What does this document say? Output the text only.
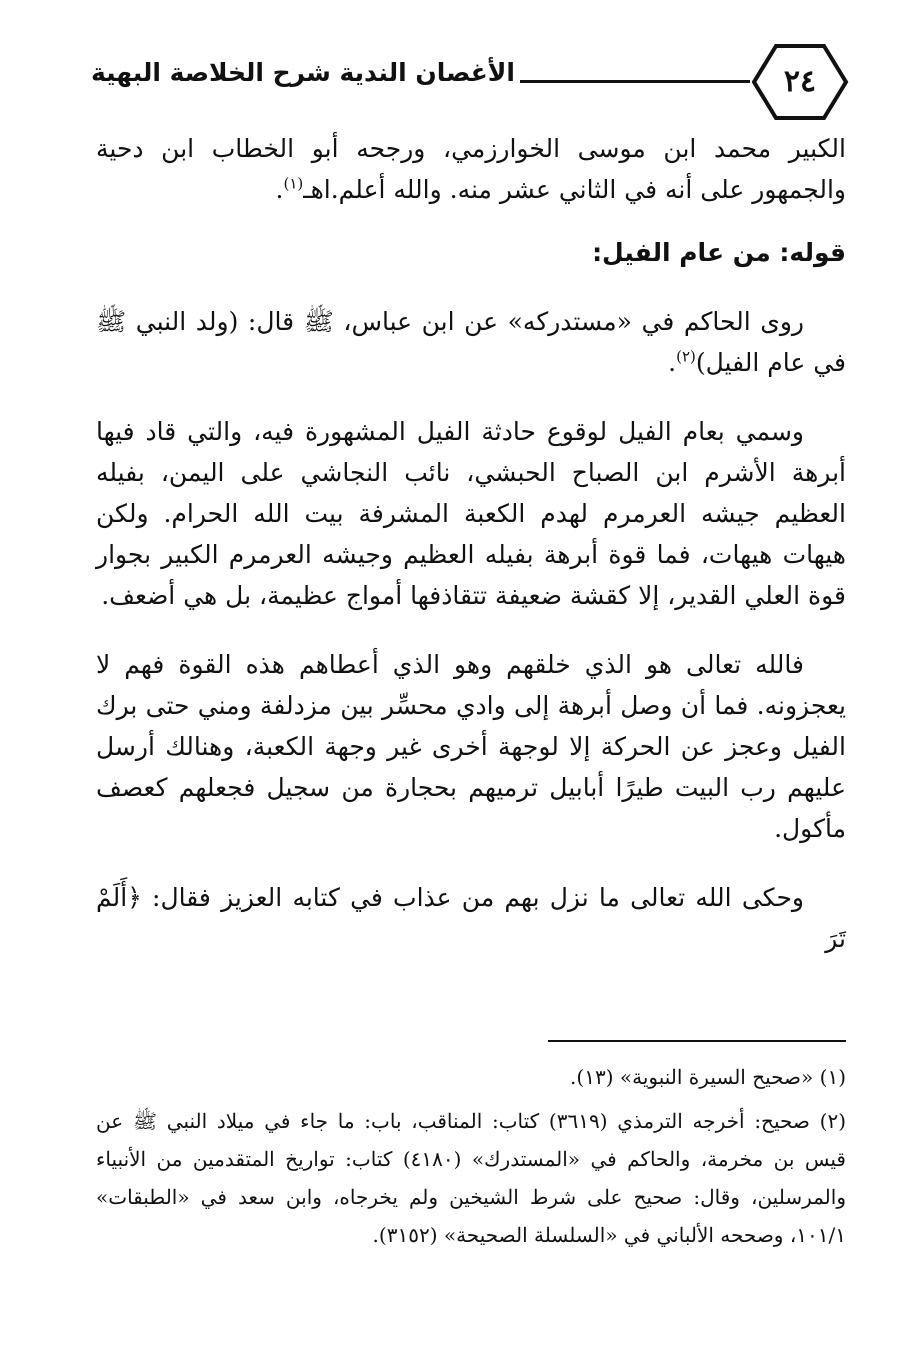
٢٤
الأغصان الندية شرح الخلاصة البهية

الكبير محمد ابن موسى الخوارزمي، ورجحه أبو الخطاب ابن دحية والجمهور على أنه في الثاني عشر منه. والله أعلم.اهـ$^{(١)}$.

قوله: من عام الفيل:

روى الحاكم في «مستدركه» عن ابن عباس، ﷺ قال: (ولد النبي ﷺ في عام الفيل)$^{(٢)}$.

وسمي بعام الفيل لوقوع حادثة الفيل المشهورة فيه، والتي قاد فيها أبرهة الأشرم ابن الصباح الحبشي، نائب النجاشي على اليمن، بفيله العظيم جيشه العرمرم لهدم الكعبة المشرفة بيت الله الحرام. ولكن هيهات هيهات، فما قوة أبرهة بفيله العظيم وجيشه العرمرم الكبير بجوار قوة العلي القدير، إلا كقشة ضعيفة تتقاذفها أمواج عظيمة، بل هي أضعف.

فالله تعالى هو الذي خلقهم وهو الذي أعطاهم هذه القوة فهم لا يعجزونه. فما أن وصل أبرهة إلى وادي محسِّر بين مزدلفة ومني حتى برك الفيل وعجز عن الحركة إلا لوجهة أخرى غير وجهة الكعبة، وهنالك أرسل عليهم رب البيت طيرًا أبابيل ترميهم بحجارة من سجيل فجعلهم كعصف مأكول.

وحكى الله تعالى ما نزل بهم من عذاب في كتابه العزيز فقال: ﴿أَلَمْ تَرَ

(١) «صحيح السيرة النبوية» (١٣).

(٢) صحيح: أخرجه الترمذي (٣٦١٩) كتاب: المناقب، باب: ما جاء في ميلاد النبي ﷺ عن قيس بن مخرمة، والحاكم في «المستدرك» (٤١٨٠) كتاب: تواريخ المتقدمين من الأنبياء والمرسلين، وقال: صحيح على شرط الشيخين ولم يخرجاه، وابن سعد في «الطبقات» ١٠١/١، وصححه الألباني في «السلسلة الصحيحة» (٣١٥٢).
